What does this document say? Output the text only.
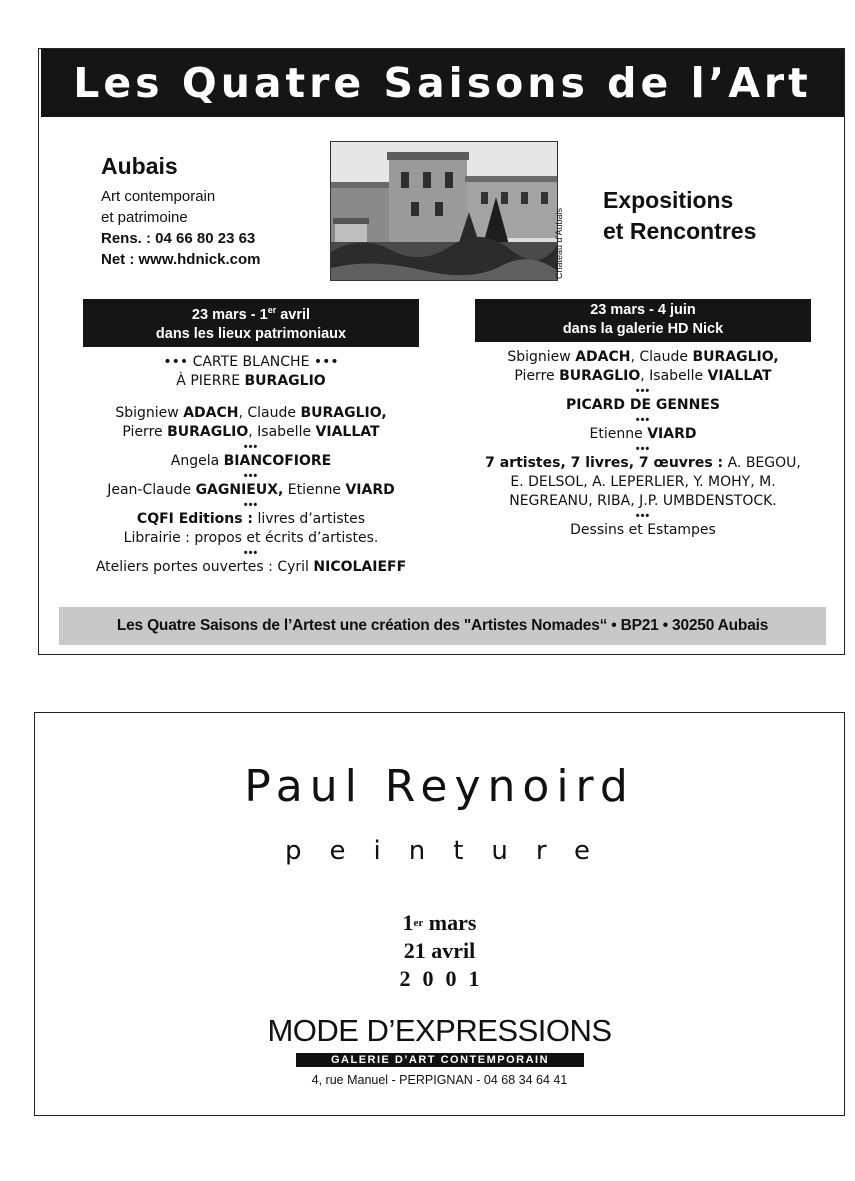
Les Quatre Saisons de l’Art
Aubais
Art contemporain
et patrimoine
Rens. : 04 66 80 23 63
Net : www.hdnick.com	Château d’Aubais
Expositions
et Rencontres
23 mars - 1er avril
dans les lieux patrimoniaux
••• CARTE BLANCHE •••
À PIERRE BURAGLIO
Sbigniew ADACH, Claude BURAGLIO,
Pierre BURAGLIO, Isabelle VIALLAT
•••
Angela BIANCOFIORE
•••
Jean-Claude GAGNIEUX, Etienne VIARD
•••
CQFI Editions : livres d’artistes
Librairie : propos et écrits d’artistes.
•••
Ateliers portes ouvertes : Cyril NICOLAIEFF
23 mars - 4 juin
dans la galerie HD Nick
Sbigniew ADACH, Claude BURAGLIO,
Pierre BURAGLIO, Isabelle VIALLAT
•••
PICARD DE GENNES
•••
Etienne VIARD
•••
7 artistes, 7 livres, 7 œuvres : A. BEGOU,
E. DELSOL, A. LEPERLIER, Y. MOHY, M.
NEGREANU, RIBA, J.P. UMBDENSTOCK.
•••
Dessins et Estampes
Les Quatre Saisons de l’Art est une création des "Artistes Nomades“ • BP21 • 30250 Aubais
Paul Reynoird
peinture
1er mars
21 avril
2001
MODE D’EXPRESSIONS
GALERIE D’ART CONTEMPORAIN
4, rue Manuel - PERPIGNAN - 04 68 34 64 41
